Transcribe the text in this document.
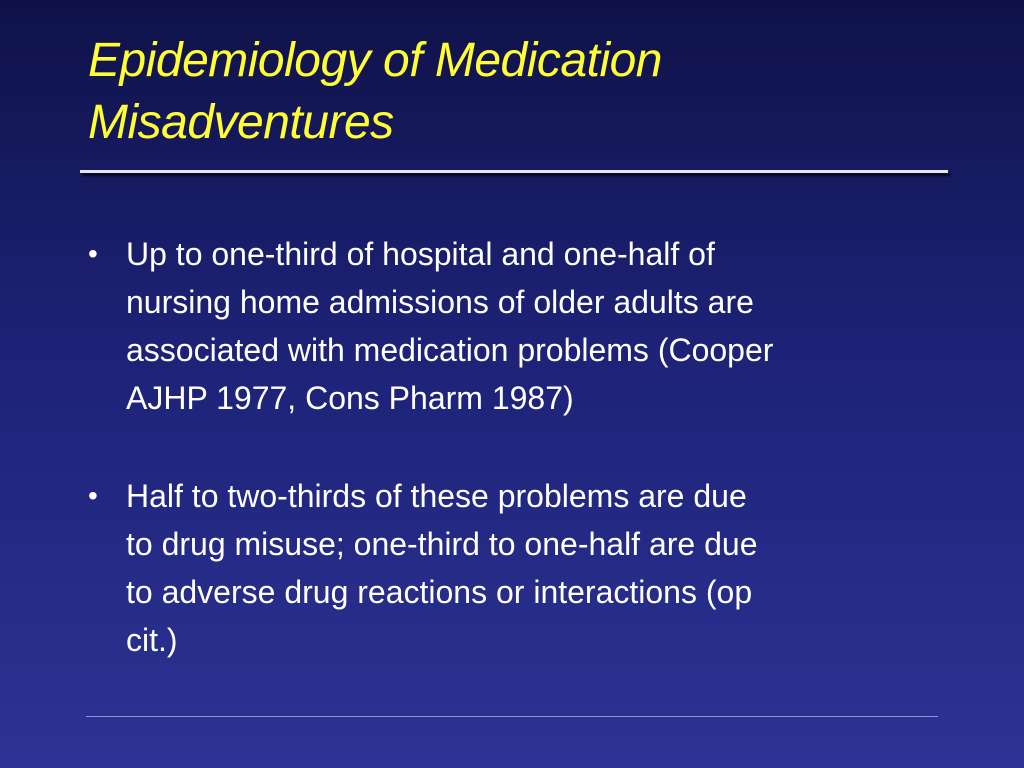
Epidemiology of Medication
Misadventures
• Up to one-third of hospital and one-half of
nursing home admissions of older adults are
associated with medication problems (Cooper
AJHP 1977, Cons Pharm 1987)
• Half to two-thirds of these problems are due
to drug misuse; one-third to one-half are due
to adverse drug reactions or interactions (op
cit.)
